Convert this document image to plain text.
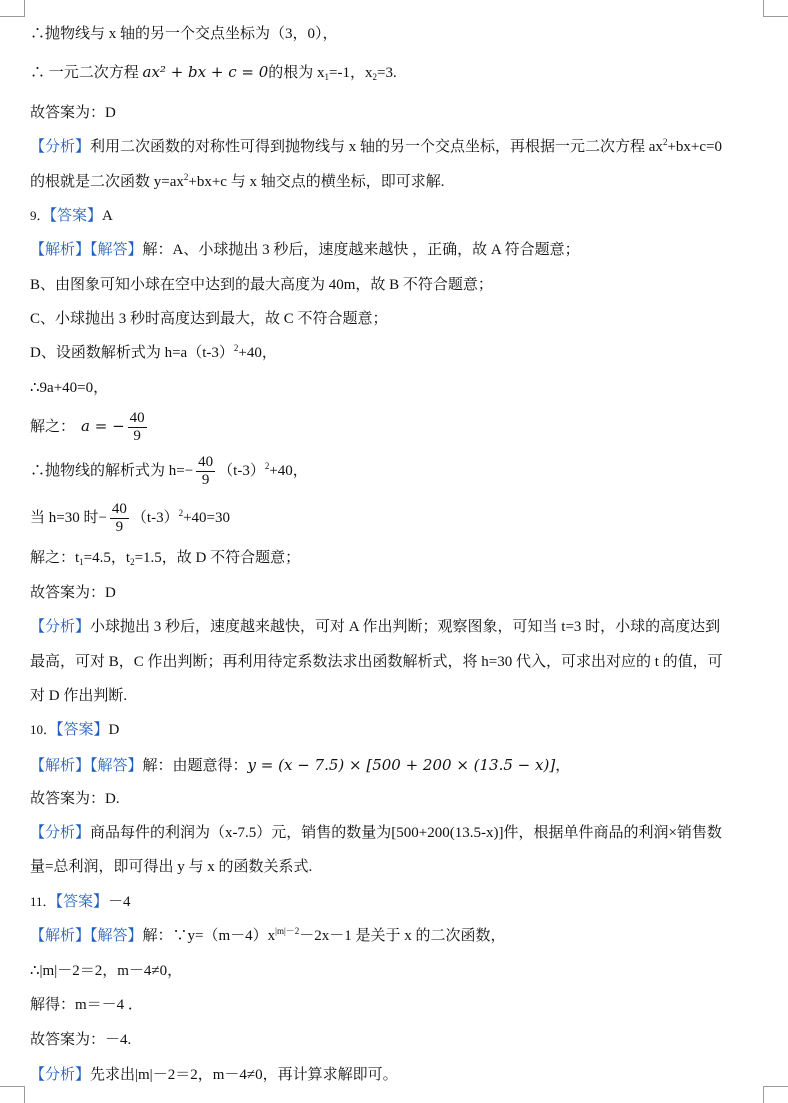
∴抛物线与 x 轴的另一个交点坐标为（3，0），
∴ 一元二次方程 ax² + bx + c = 0的根为 $x_1=-1$，$x_2=3$.
故答案为：D
【分析】利用二次函数的对称性可得到抛物线与 x 轴的另一个交点坐标，再根据一元二次方程 $ax^2+bx+c=0$
的根就是二次函数 $y=ax^2+bx+c$ 与 x 轴交点的横坐标，即可求解.
9．【答案】A
【解析】【解答】解：A、小球抛出 3 秒后，速度越来越快 ，正确，故 A 符合题意；
B、由图象可知小球在空中达到的最大高度为 40m，故 B 不符合题意；
C、小球抛出 3 秒时高度达到最大，故 C 不符合题意；
D、设函数解析式为 $h=a(t-3)^2+40$，
∴9a+40=0，
解之： a = − $\frac{40}{9}$
∴抛物线的解析式为 $h=- \frac{40}{9} (t-3)^2+40$，
当 h=30 时− $\frac{40}{9} (t-3)^2+40=30$
解之：$t_1=4.5$，$t_2=1.5$，故 D 不符合题意；
故答案为：D
【分析】小球抛出 3 秒后，速度越来越快，可对 A 作出判断；观察图象，可知当 t=3 时，小球的高度达到
最高，可对 B，C 作出判断；再利用待定系数法求出函数解析式，将 h=30 代入，可求出对应的 t 的值，可
对 D 作出判断.
10．【答案】D
【解析】【解答】解：由题意得：y = (x − 7.5) × [500 + 200 × (13.5 − x)]，
故答案为：D.
【分析】商品每件的利润为（x-7.5）元，销售的数量为[500+200(13.5-x)]件，根据单件商品的利润×销售数
量=总利润，即可得出 y 与 x 的函数关系式.
11．【答案】－4
【解析】【解答】解：$\because y=(m-4)x^{|m|-2}-2x-1$ 是关于 x 的二次函数，
∴|m|－2＝2，m－4≠0，
解得：m＝－4 ．
故答案为：－4.
【分析】先求出|m|－2＝2，m－4≠0，再计算求解即可。
